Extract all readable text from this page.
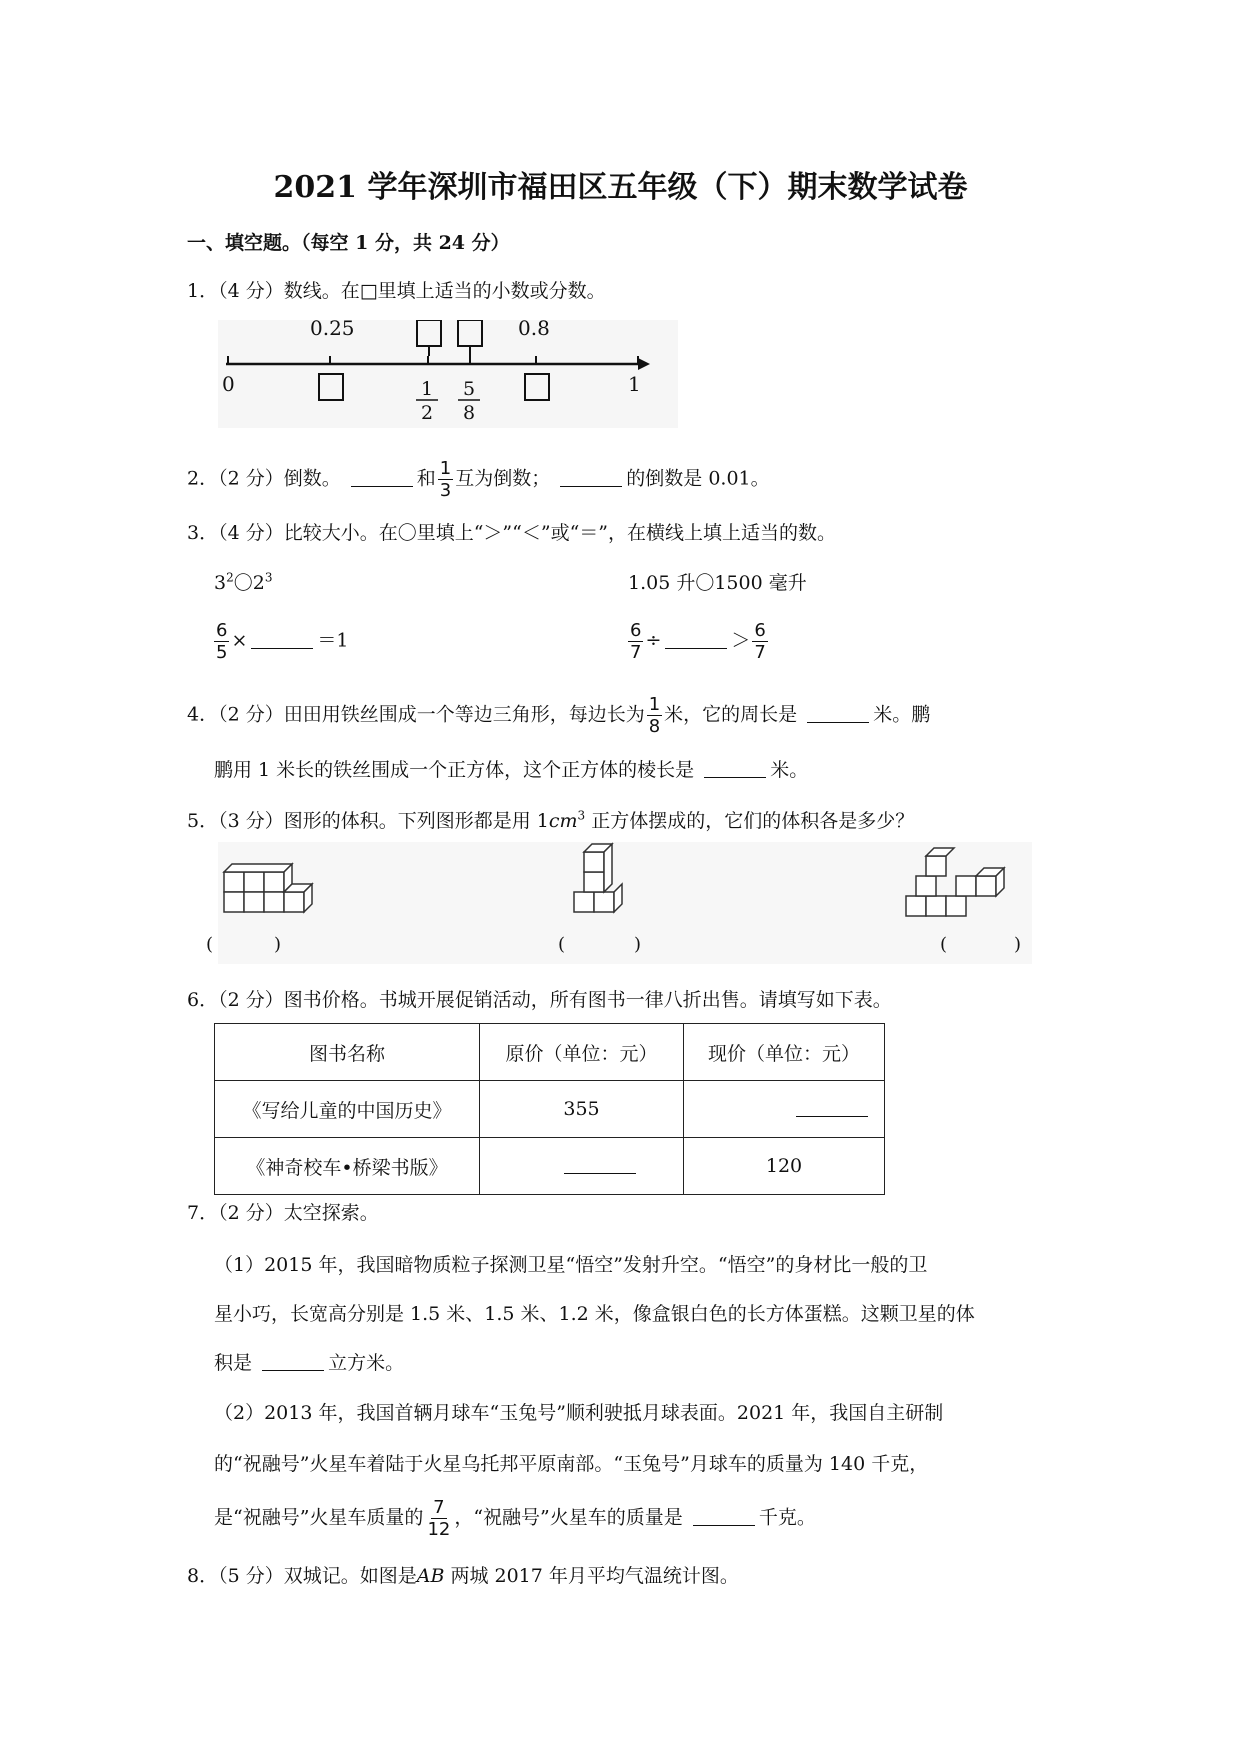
2021 学年深圳市福田区五年级（下）期末数学试卷
一、填空题。（每空 1 分，共 24 分）
1．（4 分）数线。在□里填上适当的小数或分数。
0	1
0.25	0.8
1
2
5
8
2．（2 分）倒数。	和 $\frac{1}{3}$ 互为倒数；	的倒数是 0.01。
3．（4 分）比较大小。在〇里填上“＞”“＜”或“＝”，在横线上填上适当的数。
$3^2$〇$2^3$	1.05 升〇1500 毫升
$\frac{6}{5}$ ×	＝1	$\frac{6}{7}$ ÷	＞ $\frac{6}{7}$
4．（2 分）田田用铁丝围成一个等边三角形，每边长为 $\frac{1}{8}$ 米，它的周长是	米。鹏
鹏用 1 米长的铁丝围成一个正方体，这个正方体的棱长是	米。
5．（3 分）图形的体积。下列图形都是用 $1cm^3$ 正方体摆成的，它们的体积各是多少？
(	)	(	)	(	)
6．（2 分）图书价格。书城开展促销活动，所有图书一律八折出售。请填写如下表。
图书名称	原价（单位：元）	现价（单位：元）
《写给儿童的中国历史》	355	
《神奇校车•桥梁书版》		120
7．（2 分）太空探索。
（1）2015 年，我国暗物质粒子探测卫星“悟空”发射升空。“悟空”的身材比一般的卫
星小巧，长宽高分别是 1.5 米、1.5 米、1.2 米，像盒银白色的长方体蛋糕。这颗卫星的体
积是	立方米。
（2）2013 年，我国首辆月球车“玉兔号”顺利驶抵月球表面。2021 年，我国自主研制
的“祝融号”火星车着陆于火星乌托邦平原南部。“玉兔号”月球车的质量为 140 千克，
是“祝融号”火星车质量的 $\frac{7}{12}$ ，“祝融号”火星车的质量是	千克。
8．（5 分）双城记。如图是AB 两城 2017 年月平均气温统计图。
